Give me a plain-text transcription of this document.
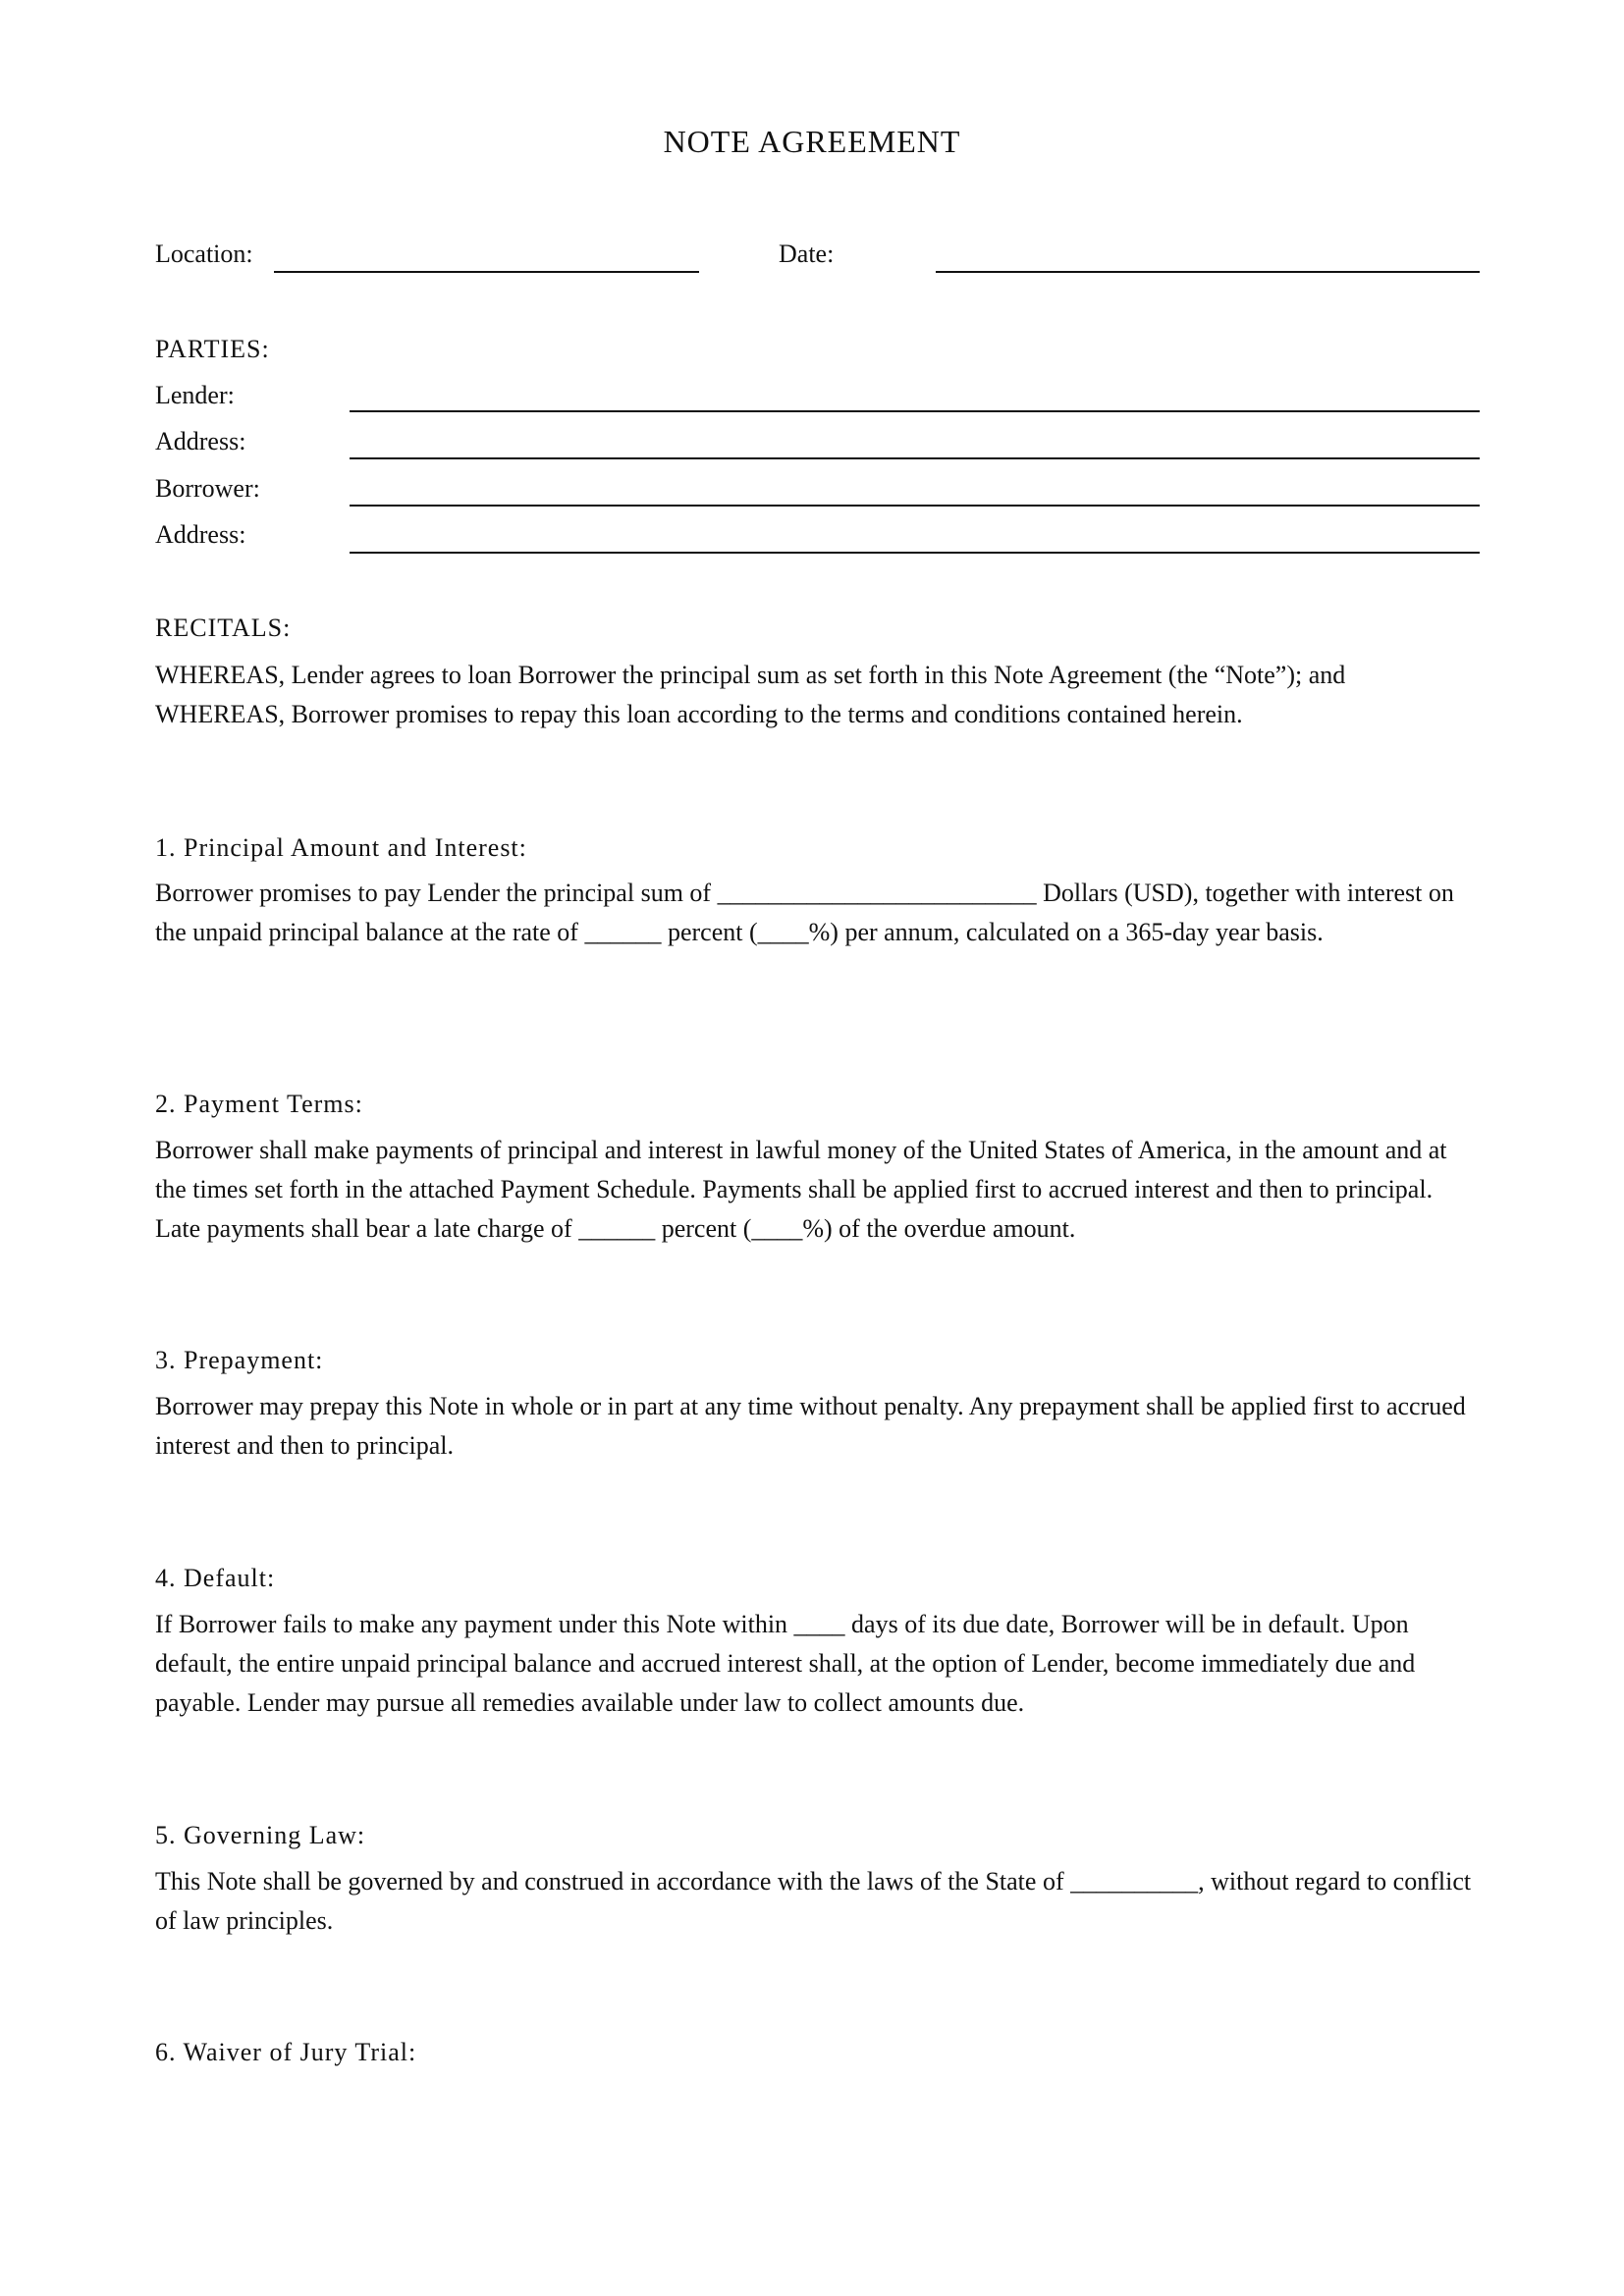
NOTE AGREEMENT
Location:	Date:
PARTIES:
Lender:
Address:
Borrower:
Address:
RECITALS:

WHEREAS, Lender agrees to loan Borrower the principal sum as set forth in this Note Agreement (the “Note”); and

WHEREAS, Borrower promises to repay this loan according to the terms and conditions contained herein.

1. Principal Amount and Interest:
Borrower promises to pay Lender the principal sum of _________________________ Dollars (USD), together with interest on the unpaid principal balance at the rate of ______ percent (____%) per annum, calculated on a 365-day year basis.
2. Payment Terms:
Borrower shall make payments of principal and interest in lawful money of the United States of America, in the amount and at the times set forth in the attached Payment Schedule. Payments shall be applied first to accrued interest and then to principal. Late payments shall bear a late charge of ______ percent (____%) of the overdue amount.
3. Prepayment:
Borrower may prepay this Note in whole or in part at any time without penalty. Any prepayment shall be applied first to accrued interest and then to principal.
4. Default:
If Borrower fails to make any payment under this Note within ____ days of its due date, Borrower will be in default. Upon default, the entire unpaid principal balance and accrued interest shall, at the option of Lender, become immediately due and payable. Lender may pursue all remedies available under law to collect amounts due.
5. Governing Law:
This Note shall be governed by and construed in accordance with the laws of the State of __________, without regard to conflict of law principles.
6. Waiver of Jury Trial:
